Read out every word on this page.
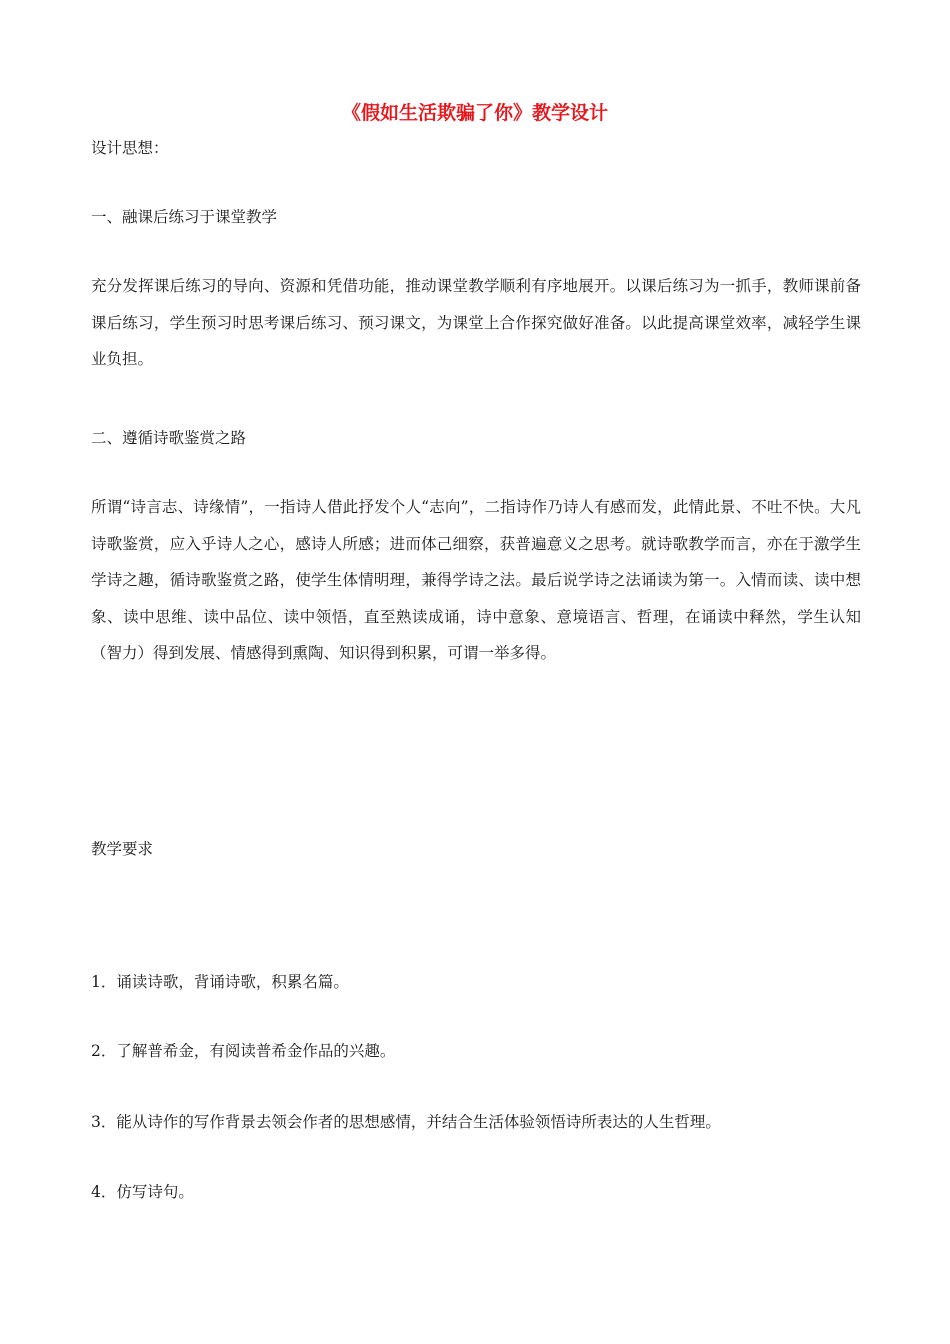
《假如生活欺骗了你》教学设计

设计思想：

一、融课后练习于课堂教学

充分发挥课后练习的导向、资源和凭借功能，推动课堂教学顺利有序地展开。以课后练习为一抓手，教师课前备课后练习，学生预习时思考课后练习、预习课文，为课堂上合作探究做好准备。以此提高课堂效率，减轻学生课业负担。

二、遵循诗歌鉴赏之路

所谓“诗言志、诗缘情”，一指诗人借此抒发个人“志向”，二指诗作乃诗人有感而发，此情此景、不吐不快。大凡诗歌鉴赏，应入乎诗人之心，感诗人所感；进而体己细察，获普遍意义之思考。就诗歌教学而言，亦在于激学生学诗之趣，循诗歌鉴赏之路，使学生体情明理，兼得学诗之法。最后说学诗之法诵读为第一。入情而读、读中想象、读中思维、读中品位、读中领悟，直至熟读成诵，诗中意象、意境语言、哲理，在诵读中释然，学生认知（智力）得到发展、情感得到熏陶、知识得到积累，可谓一举多得。

教学要求

1．诵读诗歌，背诵诗歌，积累名篇。

2．了解普希金，有阅读普希金作品的兴趣。

3．能从诗作的写作背景去领会作者的思想感情，并结合生活体验领悟诗所表达的人生哲理。

4．仿写诗句。
